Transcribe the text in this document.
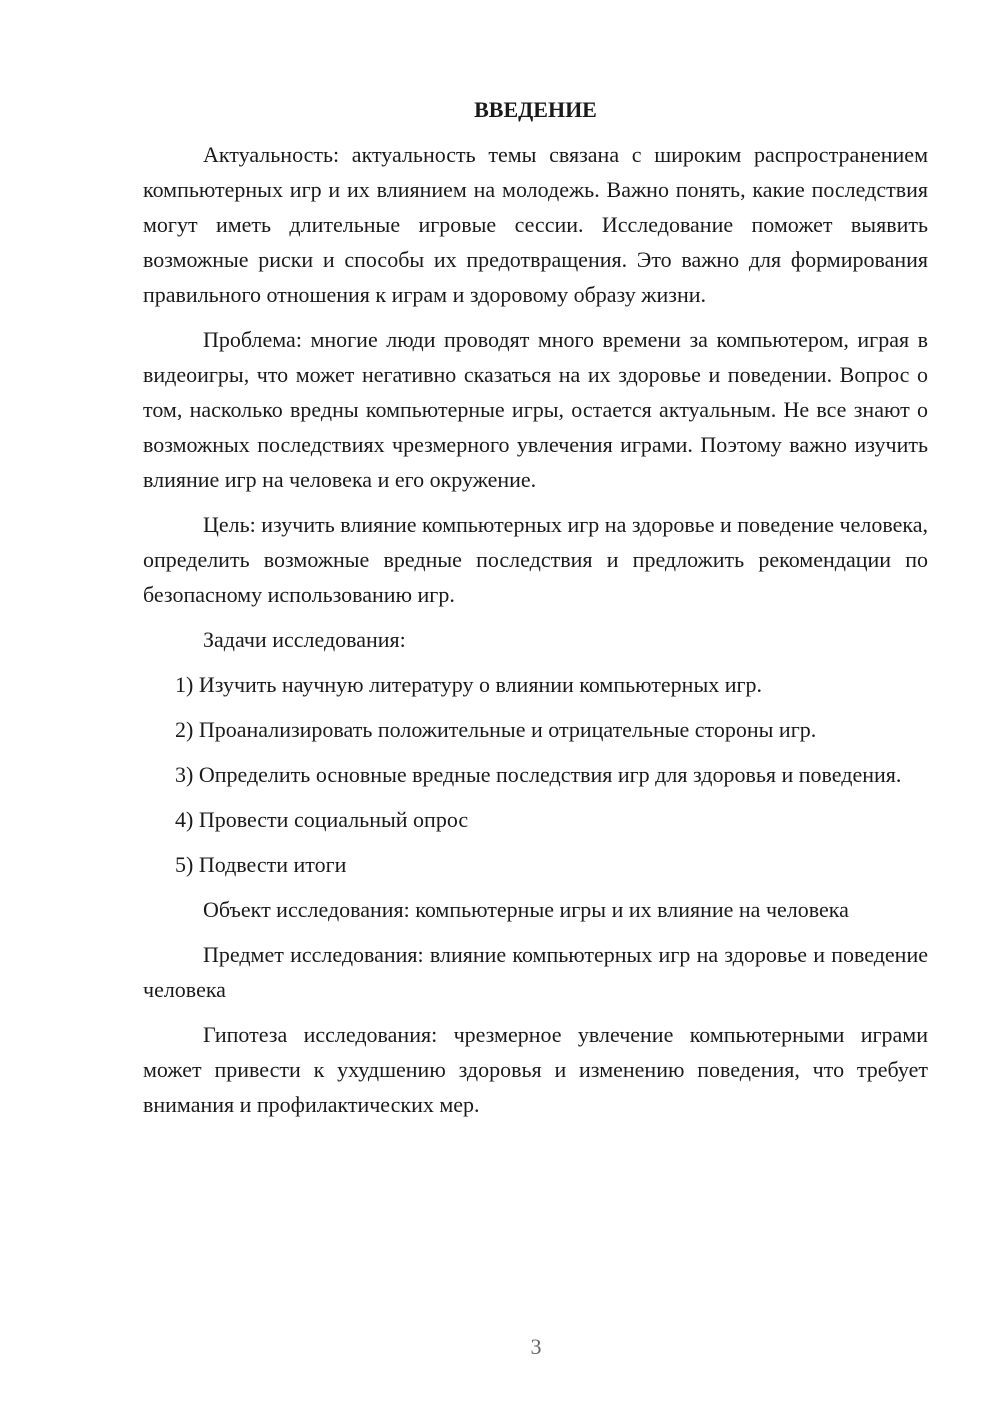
ВВЕДЕНИЕ

Актуальность: актуальность темы связана с широким распространением компьютерных игр и их влиянием на молодежь. Важно понять, какие последствия могут иметь длительные игровые сессии. Исследование поможет выявить возможные риски и способы их предотвращения. Это важно для формирования правильного отношения к играм и здоровому образу жизни.

Проблема: многие люди проводят много времени за компьютером, играя в видеоигры, что может негативно сказаться на их здоровье и поведении. Вопрос о том, насколько вредны компьютерные игры, остается актуальным. Не все знают о возможных последствиях чрезмерного увлечения играми. Поэтому важно изучить влияние игр на человека и его окружение.

Цель: изучить влияние компьютерных игр на здоровье и поведение человека, определить возможные вредные последствия и предложить рекомендации по безопасному использованию игр.

Задачи исследования:

1) Изучить научную литературу о влиянии компьютерных игр.

2) Проанализировать положительные и отрицательные стороны игр.

3) Определить основные вредные последствия игр для здоровья и поведения.

4) Провести социальный опрос

5) Подвести итоги

Объект исследования: компьютерные игры и их влияние на человека

Предмет исследования: влияние компьютерных игр на здоровье и поведение человека

Гипотеза исследования: чрезмерное увлечение компьютерными играми может привести к ухудшению здоровья и изменению поведения, что требует внимания и профилактических мер.

3
